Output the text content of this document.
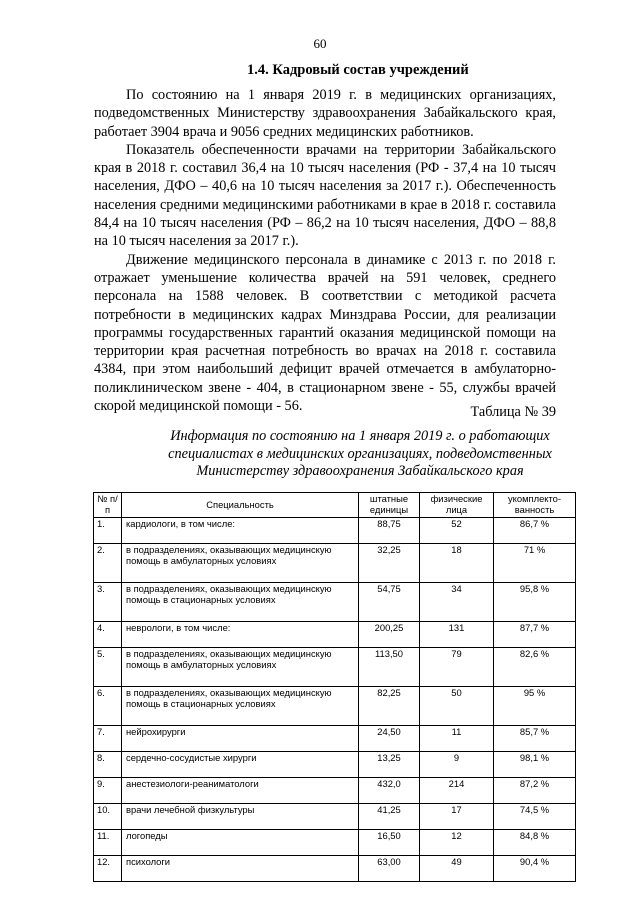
60
1.4. Кадровый состав учреждений

По состоянию на 1 января 2019 г. в медицинских организациях, подведомственных Министерству здравоохранения Забайкальского края, работает 3904 врача и 9056 средних медицинских работников.

Показатель обеспеченности врачами на территории Забайкальского края в 2018 г. составил 36,4 на 10 тысяч населения (РФ - 37,4 на 10 тысяч населения, ДФО – 40,6 на 10 тысяч населения за 2017 г.). Обеспеченность населения средними медицинскими работниками в крае в 2018 г. составила 84,4 на 10 тысяч населения (РФ – 86,2 на 10 тысяч населения, ДФО – 88,8 на 10 тысяч населения за 2017 г.).

Движение медицинского персонала в динамике с 2013 г. по 2018 г. отражает уменьшение количества врачей на 591 человек, среднего персонала на 1588 человек. В соответствии с методикой расчета потребности в медицинских кадрах Минздрава России, для реализации программы государственных гарантий оказания медицинской помощи на территории края расчетная потребность во врачах на 2018 г. составила 4384, при этом наибольший дефицит врачей отмечается в амбулаторно-поликлиническом звене - 404, в стационарном звене - 55, службы врачей скорой медицинской помощи - 56.	Таблица № 39
Информация по состоянию на 1 января 2019 г. о работающих специалистах в медицинских организациях, подведомственных Министерству здравоохранения Забайкальского края
№ п/п	Специальность	штатные единицы	физические лица	укомплекто-ванность
1.	кардиологи, в том числе:	88,75	52	86,7 %
2.	в подразделениях, оказывающих медицинскую помощь в амбулаторных условиях	32,25	18	71 %
3.	в подразделениях, оказывающих медицинскую помощь в стационарных условиях	54,75	34	95,8 %
4.	неврологи, в том числе:	200,25	131	87,7 %
5.	в подразделениях, оказывающих медицинскую помощь в амбулаторных условиях	113,50	79	82,6 %
6.	в подразделениях, оказывающих медицинскую помощь в стационарных условиях	82,25	50	95 %
7.	нейрохирурги	24,50	11	85,7 %
8.	сердечно-сосудистые хирурги	13,25	9	98,1 %
9.	анестезиологи-реаниматологи	432,0	214	87,2 %
10.	врачи лечебной физкультуры	41,25	17	74,5 %
11.	логопеды	16,50	12	84,8 %
12.	психологи	63,00	49	90,4 %
